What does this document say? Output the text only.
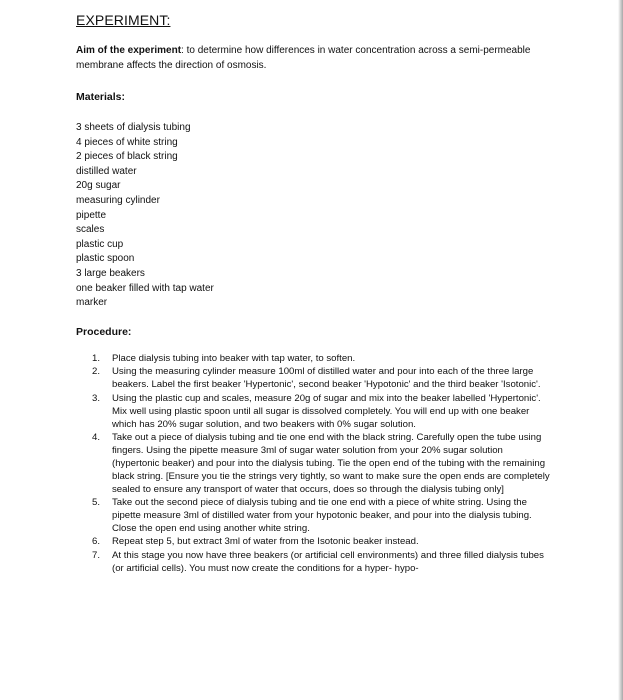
EXPERIMENT:
Aim of the experiment: to determine how differences in water concentration across a semi-permeable membrane affects the direction of osmosis.
Materials:
3 sheets of dialysis tubing
4 pieces of white string
2 pieces of black string
distilled water
20g sugar
measuring cylinder
pipette
scales
plastic cup
plastic spoon
3 large beakers
one beaker filled with tap water
marker
Procedure:
1. Place dialysis tubing into beaker with tap water, to soften.
2. Using the measuring cylinder measure 100ml of distilled water and pour into each of the three large beakers. Label the first beaker 'Hypertonic', second beaker 'Hypotonic' and the third beaker 'Isotonic'.
3. Using the plastic cup and scales, measure 20g of sugar and mix into the beaker labelled 'Hypertonic'. Mix well using plastic spoon until all sugar is dissolved completely. You will end up with one beaker which has 20% sugar solution, and two beakers with 0% sugar solution.
4. Take out a piece of dialysis tubing and tie one end with the black string. Carefully open the tube using fingers. Using the pipette measure 3ml of sugar water solution from your 20% sugar solution (hypertonic beaker) and pour into the dialysis tubing. Tie the open end of the tubing with the remaining black string. [Ensure you tie the strings very tightly, so want to make sure the open ends are completely sealed to ensure any transport of water that occurs, does so through the dialysis tubing only]
5. Take out the second piece of dialysis tubing and tie one end with a piece of white string. Using the pipette measure 3ml of distilled water from your hypotonic beaker, and pour into the dialysis tubing. Close the open end using another white string.
6. Repeat step 5, but extract 3ml of water from the Isotonic beaker instead.
7. At this stage you now have three beakers (or artificial cell environments) and three filled dialysis tubes (or artificial cells). You must now create the conditions for a hyper- hypo-
